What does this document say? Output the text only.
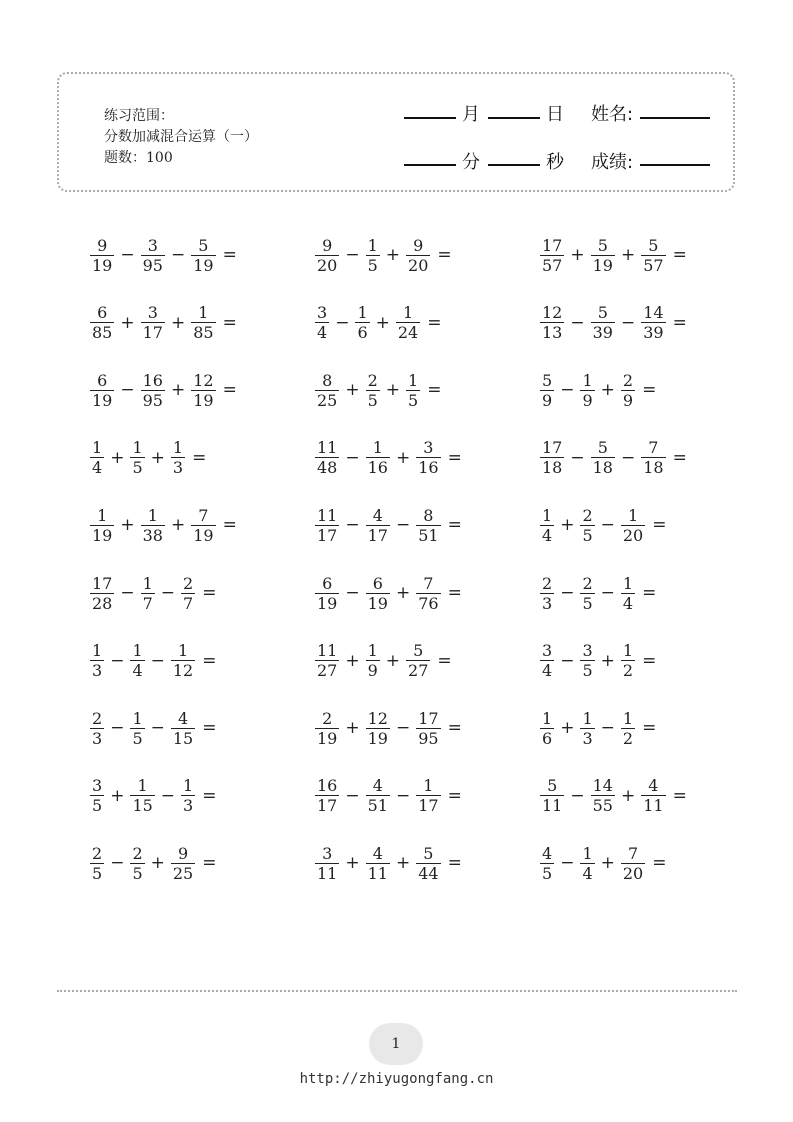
练习范围：
分数加减混合运算（一）
题数：100
月	日 姓名:
分	秒 成绩:
$\frac{9}{19} - \frac{3}{95} - \frac{5}{19}$ =
$\frac{6}{85} + \frac{3}{17} + \frac{1}{85}$ =
$\frac{6}{19} - \frac{16}{95} + \frac{12}{19}$ =
$\frac{1}{4} + \frac{1}{5} + \frac{1}{3}$ =
$\frac{1}{19} + \frac{1}{38} + \frac{7}{19}$ =
$\frac{17}{28} - \frac{1}{7} - \frac{2}{7}$ =
$\frac{1}{3} - \frac{1}{4} - \frac{1}{12}$ =
$\frac{2}{3} - \frac{1}{5} - \frac{4}{15}$ =
$\frac{3}{5} + \frac{1}{15} - \frac{1}{3}$ =
$\frac{2}{5} - \frac{2}{5} + \frac{9}{25}$ =
$\frac{9}{20} - \frac{1}{5} + \frac{9}{20}$ =
$\frac{3}{4} - \frac{1}{6} + \frac{1}{24}$ =
$\frac{8}{25} + \frac{2}{5} + \frac{1}{5}$ =
$\frac{11}{48} - \frac{1}{16} + \frac{3}{16}$ =
$\frac{11}{17} - \frac{4}{17} - \frac{8}{51}$ =
$\frac{6}{19} - \frac{6}{19} + \frac{7}{76}$ =
$\frac{11}{27} + \frac{1}{9} + \frac{5}{27}$ =
$\frac{2}{19} + \frac{12}{19} - \frac{17}{95}$ =
$\frac{16}{17} - \frac{4}{51} - \frac{1}{17}$ =
$\frac{3}{11} + \frac{4}{11} + \frac{5}{44}$ =
$\frac{17}{57} + \frac{5}{19} + \frac{5}{57}$ =
$\frac{12}{13} - \frac{5}{39} - \frac{14}{39}$ =
$\frac{5}{9} - \frac{1}{9} + \frac{2}{9}$ =
$\frac{17}{18} - \frac{5}{18} - \frac{7}{18}$ =
$\frac{1}{4} + \frac{2}{5} - \frac{1}{20}$ =
$\frac{2}{3} - \frac{2}{5} - \frac{1}{4}$ =
$\frac{3}{4} - \frac{3}{5} + \frac{1}{2}$ =
$\frac{1}{6} + \frac{1}{3} - \frac{1}{2}$ =
$\frac{5}{11} - \frac{14}{55} + \frac{4}{11}$ =
$\frac{4}{5} - \frac{1}{4} + \frac{7}{20}$ =
1
http://zhiyugongfang.cn
